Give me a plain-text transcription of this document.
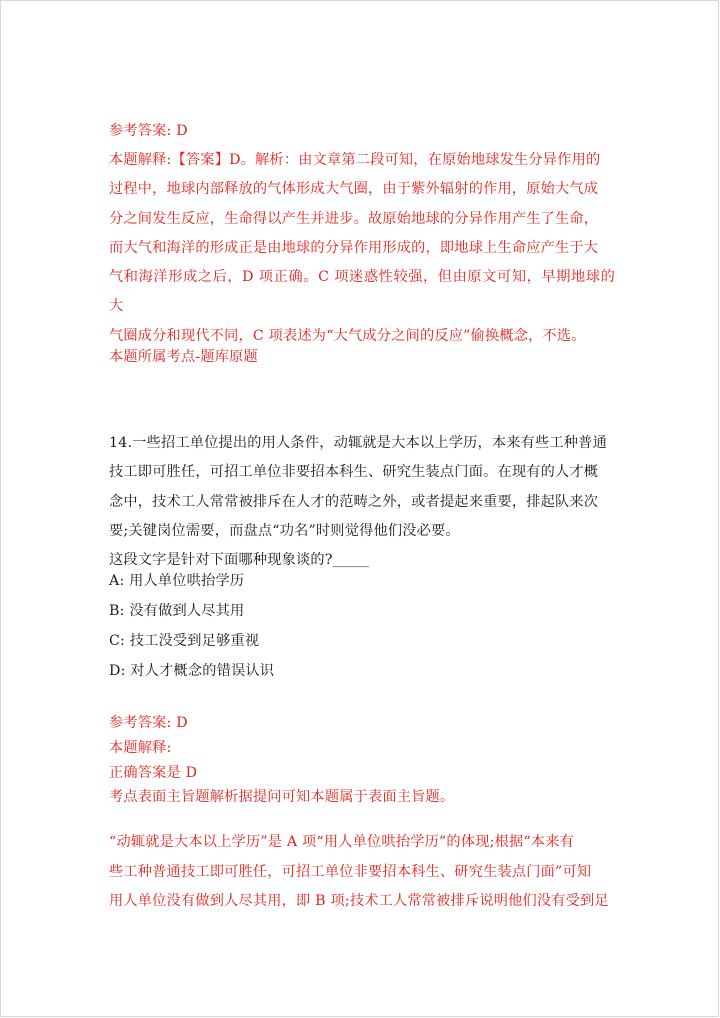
参考答案: D

本题解释:【答案】D。解析：由文章第二段可知，在原始地球发生分异作用的

过程中，地球内部释放的气体形成大气圈，由于紫外辐射的作用，原始大气成

分之间发生反应，生命得以产生并进步。故原始地球的分异作用产生了生命，

而大气和海洋的形成正是由地球的分异作用形成的，即地球上生命应产生于大

气和海洋形成之后，D 项正确。C 项迷惑性较强，但由原文可知，早期地球的大

气圈成分和现代不同，C 项表述为“大气成分之间的反应”偷换概念，不选。

本题所属考点-题库原题

14.一些招工单位提出的用人条件，动辄就是大本以上学历，本来有些工种普通

技工即可胜任，可招工单位非要招本科生、研究生装点门面。在现有的人才概

念中，技术工人常常被排斥在人才的范畴之外，或者提起来重要，排起队来次

要;关键岗位需要，而盘点“功名”时则觉得他们没必要。

这段文字是针对下面哪种现象谈的?_____

A: 用人单位哄抬学历

B: 没有做到人尽其用

C: 技工没受到足够重视

D: 对人才概念的错误认识

参考答案: D

本题解释:

正确答案是 D

考点表面主旨题解析据提问可知本题属于表面主旨题。

“动辄就是大本以上学历”是 A 项“用人单位哄抬学历”的体现;根据“本来有

些工种普通技工即可胜任，可招工单位非要招本科生、研究生装点门面”可知

用人单位没有做到人尽其用，即 B 项;技术工人常常被排斥说明他们没有受到足
